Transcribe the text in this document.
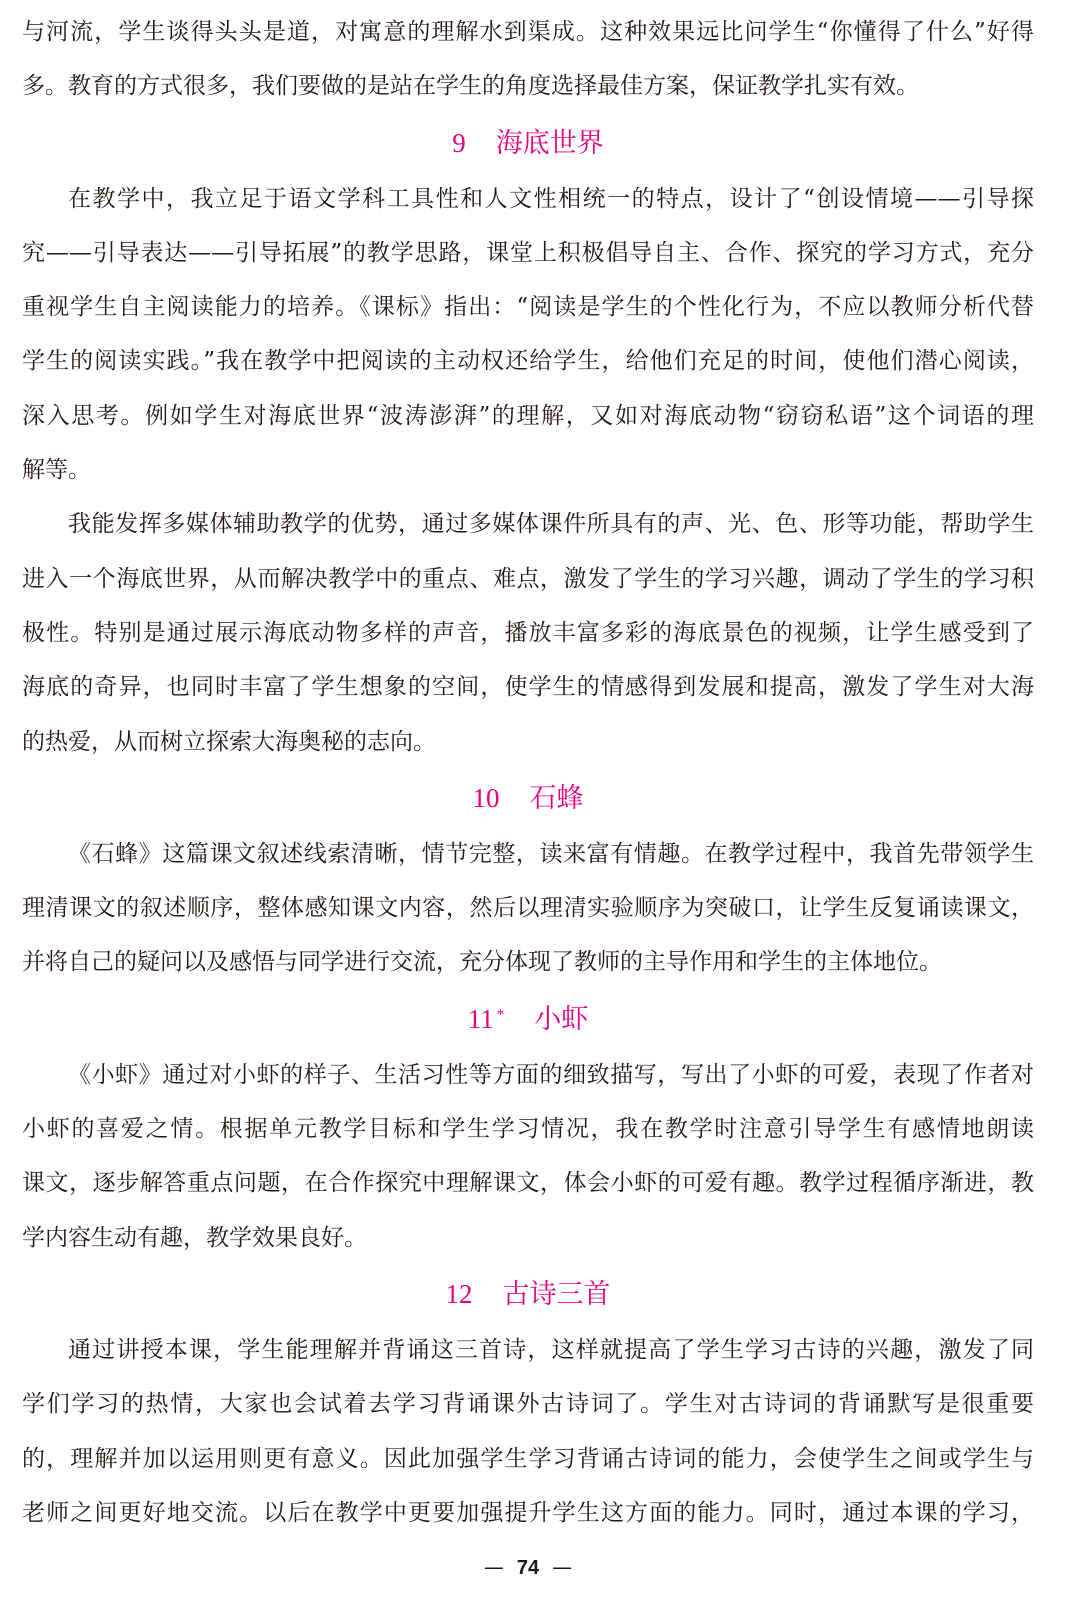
与河流，学生谈得头头是道，对寓意的理解水到渠成。这种效果远比问学生“你懂得了什么”好得
多。教育的方式很多，我们要做的是站在学生的角度选择最佳方案，保证教学扎实有效。
9 海底世界
在教学中，我立足于语文学科工具性和人文性相统一的特点，设计了“创设情境——引导探
究——引导表达——引导拓展”的教学思路，课堂上积极倡导自主、合作、探究的学习方式，充分
重视学生自主阅读能力的培养。《课标》指出：“阅读是学生的个性化行为，不应以教师分析代替
学生的阅读实践。”我在教学中把阅读的主动权还给学生，给他们充足的时间，使他们潜心阅读，
深入思考。例如学生对海底世界“波涛澎湃”的理解，又如对海底动物“窃窃私语”这个词语的理
解等。
我能发挥多媒体辅助教学的优势，通过多媒体课件所具有的声、光、色、形等功能，帮助学生
进入一个海底世界，从而解决教学中的重点、难点，激发了学生的学习兴趣，调动了学生的学习积
极性。特别是通过展示海底动物多样的声音，播放丰富多彩的海底景色的视频，让学生感受到了
海底的奇异，也同时丰富了学生想象的空间，使学生的情感得到发展和提高，激发了学生对大海
的热爱，从而树立探索大海奥秘的志向。
10 石蜂
《石蜂》这篇课文叙述线索清晰，情节完整，读来富有情趣。在教学过程中，我首先带领学生
理清课文的叙述顺序，整体感知课文内容，然后以理清实验顺序为突破口，让学生反复诵读课文，
并将自己的疑问以及感悟与同学进行交流，充分体现了教师的主导作用和学生的主体地位。
11 * 小虾
《小虾》通过对小虾的样子、生活习性等方面的细致描写，写出了小虾的可爱，表现了作者对
小虾的喜爱之情。根据单元教学目标和学生学习情况，我在教学时注意引导学生有感情地朗读
课文，逐步解答重点问题，在合作探究中理解课文，体会小虾的可爱有趣。教学过程循序渐进，教
学内容生动有趣，教学效果良好。
12 古诗三首
通过讲授本课，学生能理解并背诵这三首诗，这样就提高了学生学习古诗的兴趣，激发了同
学们学习的热情，大家也会试着去学习背诵课外古诗词了。学生对古诗词的背诵默写是很重要
的，理解并加以运用则更有意义。因此加强学生学习背诵古诗词的能力，会使学生之间或学生与
老师之间更好地交流。以后在教学中更要加强提升学生这方面的能力。同时，通过本课的学习，
— 74 —
